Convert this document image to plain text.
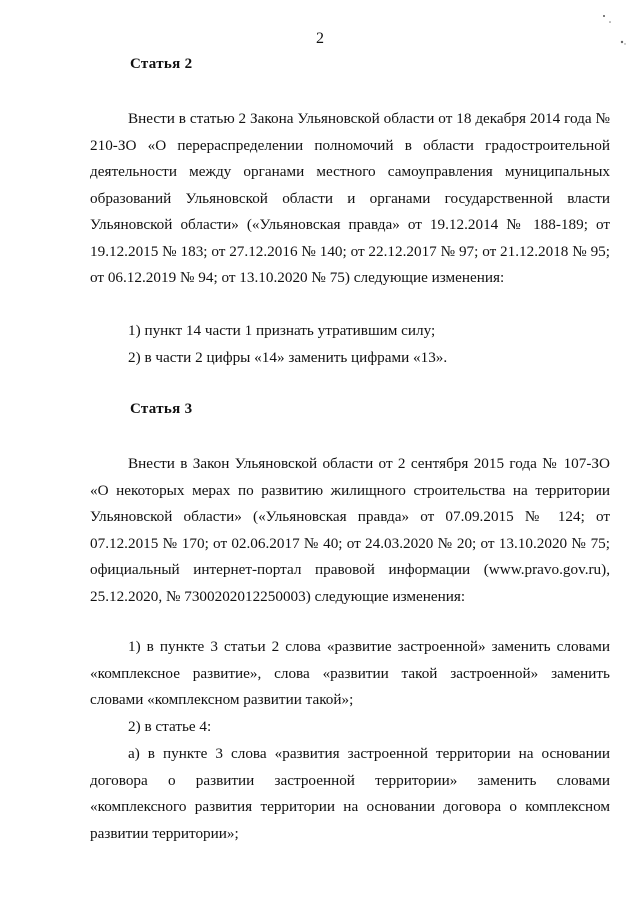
2
Статья 2
Внести в статью 2 Закона Ульяновской области от 18 декабря 2014 года № 210-ЗО «О перераспределении полномочий в области градостроительной деятельности между органами местного самоуправления муниципальных образований Ульяновской области и органами государственной власти Ульяновской области» («Ульяновская правда» от 19.12.2014 № 188-189; от 19.12.2015 № 183; от 27.12.2016 № 140; от 22.12.2017 № 97; от 21.12.2018 № 95; от 06.12.2019 № 94; от 13.10.2020 № 75) следующие изменения:
1) пункт 14 части 1 признать утратившим силу;
2) в части 2 цифры «14» заменить цифрами «13».
Статья 3
Внести в Закон Ульяновской области от 2 сентября 2015 года № 107-ЗО «О некоторых мерах по развитию жилищного строительства на территории Ульяновской области» («Ульяновская правда» от 07.09.2015 № 124; от 07.12.2015 № 170; от 02.06.2017 № 40; от 24.03.2020 № 20; от 13.10.2020 № 75; официальный интернет-портал правовой информации (www.pravo.gov.ru), 25.12.2020, № 7300202012250003) следующие изменения:
1) в пункте 3 статьи 2 слова «развитие застроенной» заменить словами «комплексное развитие», слова «развитии такой застроенной» заменить словами «комплексном развитии такой»;
2) в статье 4:
а) в пункте 3 слова «развития застроенной территории на основании договора о развитии застроенной территории» заменить словами «комплексного развития территории на основании договора о комплексном развитии территории»;
